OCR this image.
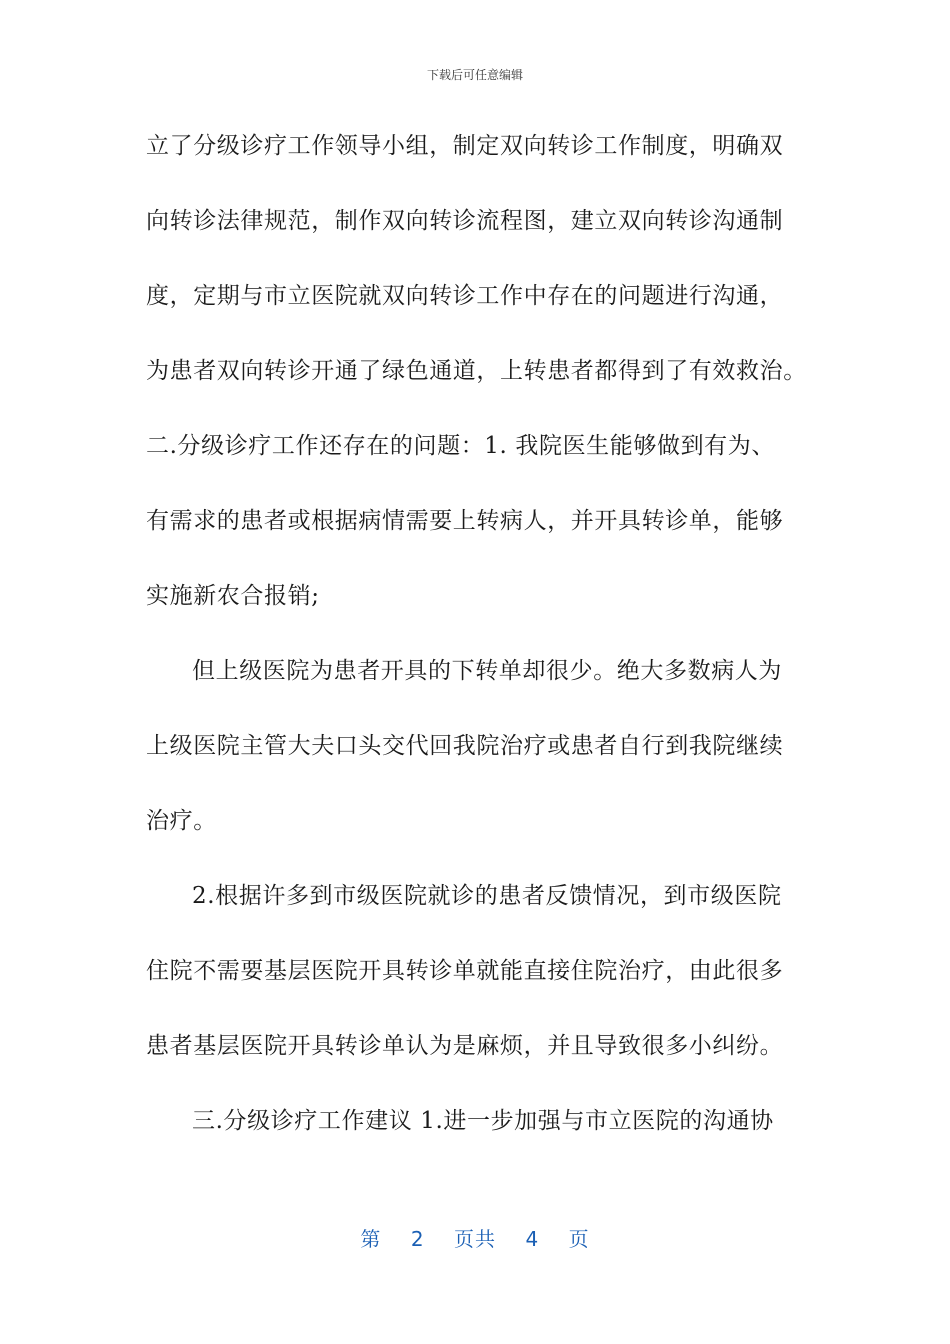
下载后可任意编辑
立了分级诊疗工作领导小组，制定双向转诊工作制度，明确双
向转诊法律规范，制作双向转诊流程图，建立双向转诊沟通制
度，定期与市立医院就双向转诊工作中存在的问题进行沟通，
为患者双向转诊开通了绿色通道，上转患者都得到了有效救治。
二.分级诊疗工作还存在的问题：1. 我院医生能够做到有为、
有需求的患者或根据病情需要上转病人，并开具转诊单，能够
实施新农合报销;
但上级医院为患者开具的下转单却很少。绝大多数病人为
上级医院主管大夫口头交代回我院治疗或患者自行到我院继续
治疗。
2.根据许多到市级医院就诊的患者反馈情况，到市级医院
住院不需要基层医院开具转诊单就能直接住院治疗，由此很多
患者基层医院开具转诊单认为是麻烦，并且导致很多小纠纷。
三.分级诊疗工作建议 1.进一步加强与市立医院的沟通协
第 2 页共 4 页
